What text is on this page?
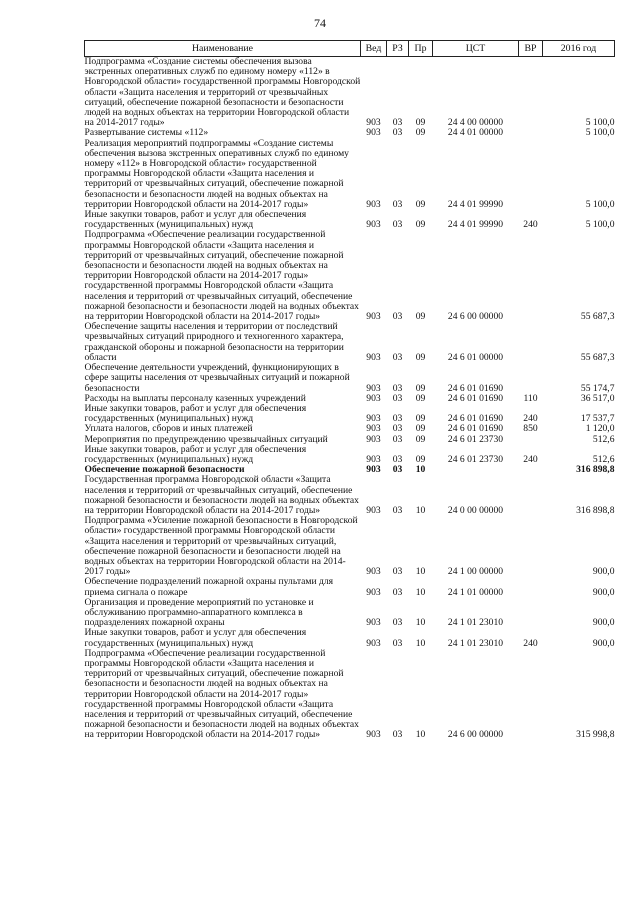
74
Наименование	Вед	РЗ	Пр	ЦСТ	ВР	2016 год
Подпрограмма «Создание системы обеспечения вызова экстренных оперативных служб по единому номеру «112» в Новгородской области» государственной программы Новгородской области «Защита населения и территорий от чрезвычайных ситуаций, обеспечение пожарной безопасности и безопасности людей на водных объектах на территории Новгородской области на 2014-2017 годы»	903	03	09	24 4 00 00000		5 100,0
Развертывание системы «112»	903	03	09	24 4 01 00000		5 100,0
Реализация мероприятий подпрограммы «Создание системы обеспечения вызова экстренных оперативных служб по единому номеру «112» в Новгородской области» государственной программы Новгородской области «Защита населения и территорий от чрезвычайных ситуаций, обеспечение пожарной безопасности и безопасности людей на водных объектах на территории Новгородской области на 2014-2017 годы»	903	03	09	24 4 01 99990		5 100,0
Иные закупки товаров, работ и услуг для обеспечения государственных (муниципальных) нужд	903	03	09	24 4 01 99990	240	5 100,0
Подпрограмма «Обеспечение реализации государственной программы Новгородской области «Защита населения и территорий от чрезвычайных ситуаций, обеспечение пожарной безопасности и безопасности людей на водных объектах на территории Новгородской области на 2014-2017 годы» государственной программы Новгородской области «Защита населения и территорий от чрезвычайных ситуаций, обеспечение пожарной безопасности и безопасности людей на водных объектах на территории Новгородской области на 2014-2017 годы»	903	03	09	24 6 00 00000		55 687,3
Обеспечение защиты населения и территории от последствий чрезвычайных ситуаций природного и техногенного характера, гражданской обороны и пожарной безопасности на территории области	903	03	09	24 6 01 00000		55 687,3
Обеспечение деятельности учреждений, функционирующих в сфере защиты населения от чрезвычайных ситуаций и пожарной безопасности	903	03	09	24 6 01 01690		55 174,7
Расходы на выплаты персоналу казенных учреждений	903	03	09	24 6 01 01690	110	36 517,0
Иные закупки товаров, работ и услуг для обеспечения государственных (муниципальных) нужд	903	03	09	24 6 01 01690	240	17 537,7
Уплата налогов, сборов и иных платежей	903	03	09	24 6 01 01690	850	1 120,0
Мероприятия по предупреждению чрезвычайных ситуаций	903	03	09	24 6 01 23730		512,6
Иные закупки товаров, работ и услуг для обеспечения государственных (муниципальных) нужд	903	03	09	24 6 01 23730	240	512,6
Обеспечение пожарной безопасности	903	03	10			316 898,8
Государственная программа Новгородской области «Защита населения и территорий от чрезвычайных ситуаций, обеспечение пожарной безопасности и безопасности людей на водных объектах на территории Новгородской области на 2014-2017 годы»	903	03	10	24 0 00 00000		316 898,8
Подпрограмма «Усиление пожарной безопасности в Новгородской области» государственной программы Новгородской области «Защита населения и территорий от чрезвычайных ситуаций, обеспечение пожарной безопасности и безопасности людей на водных объектах на территории Новгородской области на 2014-2017 годы»	903	03	10	24 1 00 00000		900,0
Обеспечение подразделений пожарной охраны пультами для приема сигнала о пожаре	903	03	10	24 1 01 00000		900,0
Организация и проведение мероприятий по установке и обслуживанию программно-аппаратного комплекса в подразделениях пожарной охраны	903	03	10	24 1 01 23010		900,0
Иные закупки товаров, работ и услуг для обеспечения государственных (муниципальных) нужд	903	03	10	24 1 01 23010	240	900,0
Подпрограмма «Обеспечение реализации государственной программы Новгородской области «Защита населения и территорий от чрезвычайных ситуаций, обеспечение пожарной безопасности и безопасности людей на водных объектах на территории Новгородской области на 2014-2017 годы» государственной программы Новгородской области «Защита населения и территорий от чрезвычайных ситуаций, обеспечение пожарной безопасности и безопасности людей на водных объектах на территории Новгородской области на 2014-2017 годы»	903	03	10	24 6 00 00000		315 998,8
